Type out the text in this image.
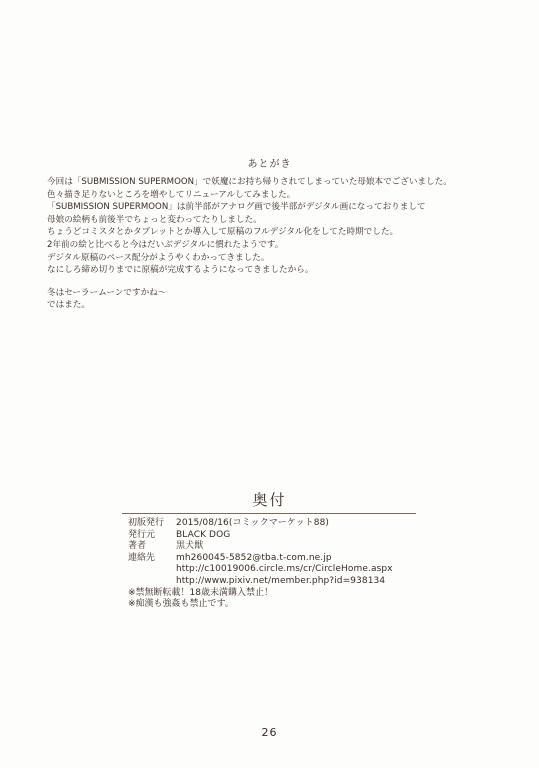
あとがき
今回は「SUBMISSION SUPERMOON」で妖魔にお持ち帰りされてしまっていた母娘本でございました。
色々描き足りないところを増やしてリニューアルしてみました。
「SUBMISSION SUPERMOON」は前半部がアナログ画で後半部がデジタル画になっておりまして
母娘の絵柄も前後半でちょっと変わってたりしました。
ちょうどコミスタとかタブレットとか導入して原稿のフルデジタル化をしてた時期でした。
2年前の絵と比べると今はだいぶデジタルに慣れたようです。
デジタル原稿のペース配分がようやくわかってきました。
なにしろ締め切りまでに原稿が完成するようになってきましたから。
冬はセーラームーンですかね〜
ではまた。
奥付
初版発行	2015/08/16(コミックマーケット88)
発行元	BLACK DOG
著者	黒犬獣
連絡先	mh260045-5852@tba.t-com.ne.jp
http://c10019006.circle.ms/cr/CircleHome.aspx
http://www.pixiv.net/member.php?id=938134
※禁無断転載！18歳未満購入禁止！
※痴漢も強姦も禁止です。
26
